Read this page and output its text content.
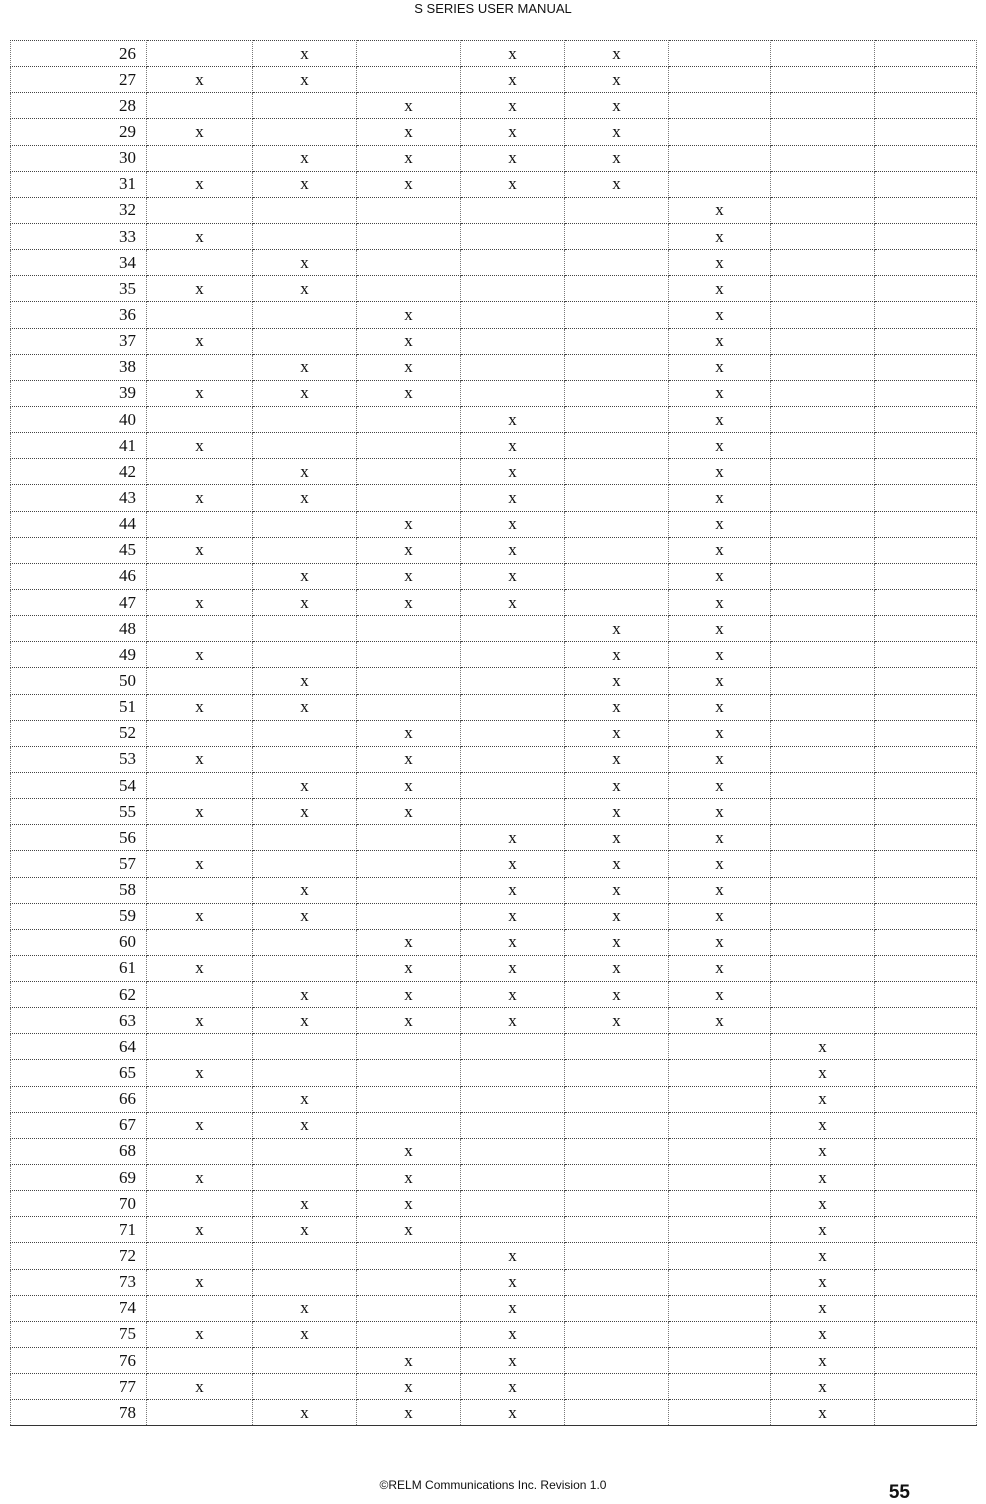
S SERIES USER MANUAL
26		x		x	x			
27	x	x		x	x			
28			x	x	x			
29	x		x	x	x			
30		x	x	x	x			
31	x	x	x	x	x			
32						x		
33	x					x		
34		x				x		
35	x	x				x		
36			x			x		
37	x		x			x		
38		x	x			x		
39	x	x	x			x		
40				x		x		
41	x			x		x		
42		x		x		x		
43	x	x		x		x		
44			x	x		x		
45	x		x	x		x		
46		x	x	x		x		
47	x	x	x	x		x		
48					x	x		
49	x				x	x		
50		x			x	x		
51	x	x			x	x		
52			x		x	x		
53	x		x		x	x		
54		x	x		x	x		
55	x	x	x		x	x		
56				x	x	x		
57	x			x	x	x		
58		x		x	x	x		
59	x	x		x	x	x		
60			x	x	x	x		
61	x		x	x	x	x		
62		x	x	x	x	x		
63	x	x	x	x	x	x		
64							x	
65	x						x	
66		x					x	
67	x	x					x	
68			x				x	
69	x		x				x	
70		x	x				x	
71	x	x	x				x	
72				x			x	
73	x			x			x	
74		x		x			x	
75	x	x		x			x	
76			x	x			x	
77	x		x	x			x	
78		x	x	x			x	
©RELM Communications Inc. Revision 1.0	55
